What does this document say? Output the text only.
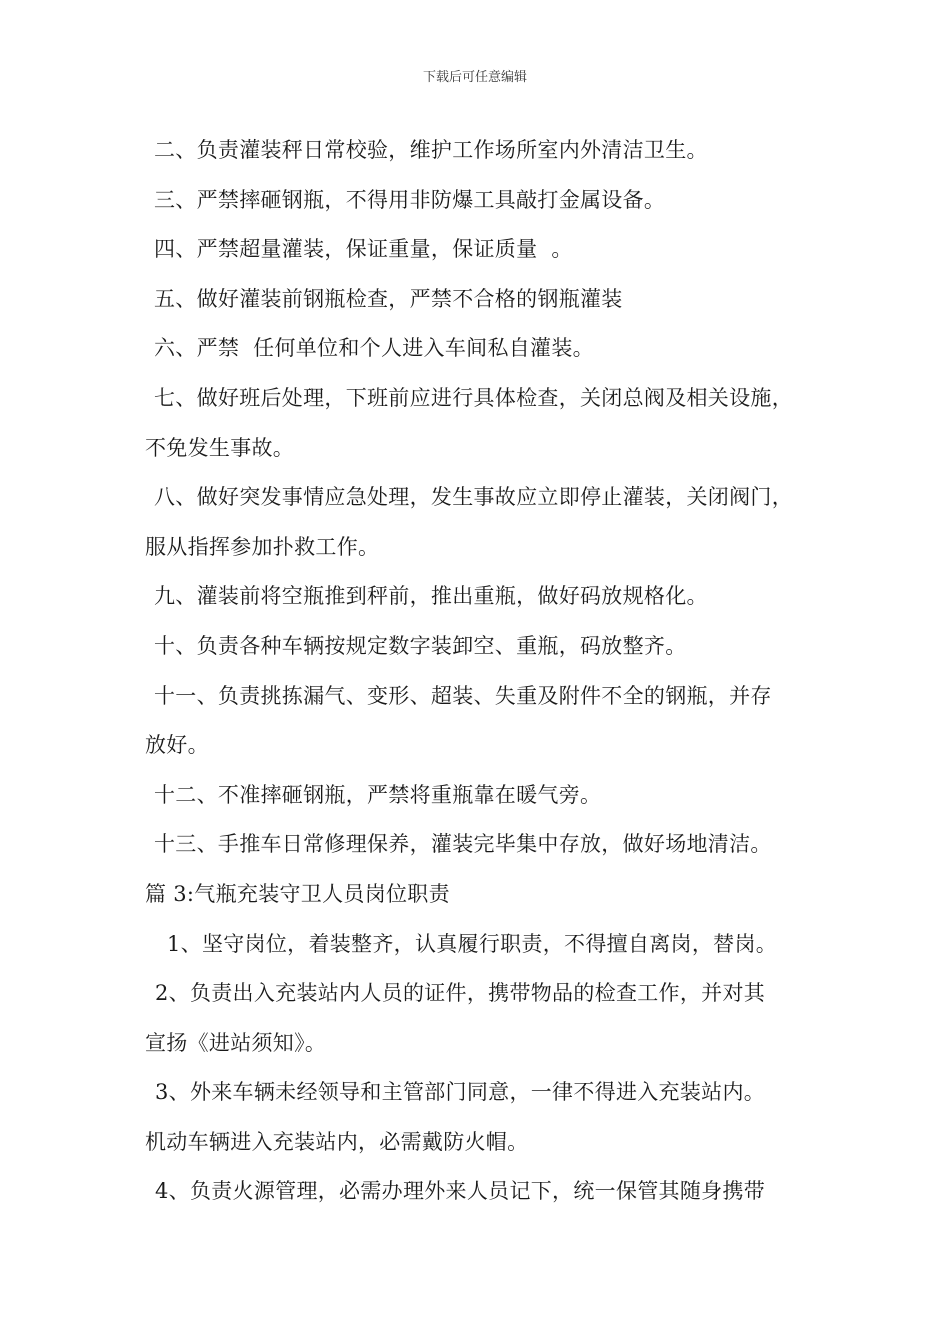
下载后可任意编辑
二、负责灌装秤日常校验，维护工作场所室内外清洁卫生。
三、严禁摔砸钢瓶，不得用非防爆工具敲打金属设备。
四、严禁超量灌装，保证重量，保证质量  。
五、做好灌装前钢瓶检查，严禁不合格的钢瓶灌装
六、严禁  任何单位和个人进入车间私自灌装。
七、做好班后处理，下班前应进行具体检查，关闭总阀及相关设施，
不免发生事故。
八、做好突发事情应急处理，发生事故应立即停止灌装，关闭阀门，
服从指挥参加扑救工作。
九、灌装前将空瓶推到秤前，推出重瓶，做好码放规格化。
十、负责各种车辆按规定数字装卸空、重瓶，码放整齐。
十一、负责挑拣漏气、变形、超装、失重及附件不全的钢瓶，并存
放好。
十二、不准摔砸钢瓶，严禁将重瓶靠在暖气旁。
十三、手推车日常修理保养，灌装完毕集中存放，做好场地清洁。
篇 3:气瓶充装守卫人员岗位职责
1、坚守岗位，着装整齐，认真履行职责，不得擅自离岗，替岗。
2、负责出入充装站内人员的证件，携带物品的检查工作，并对其
宣扬《进站须知》。
3、外来车辆未经领导和主管部门同意，一律不得进入充装站内。
机动车辆进入充装站内，必需戴防火帽。
4、负责火源管理，必需办理外来人员记下，统一保管其随身携带
